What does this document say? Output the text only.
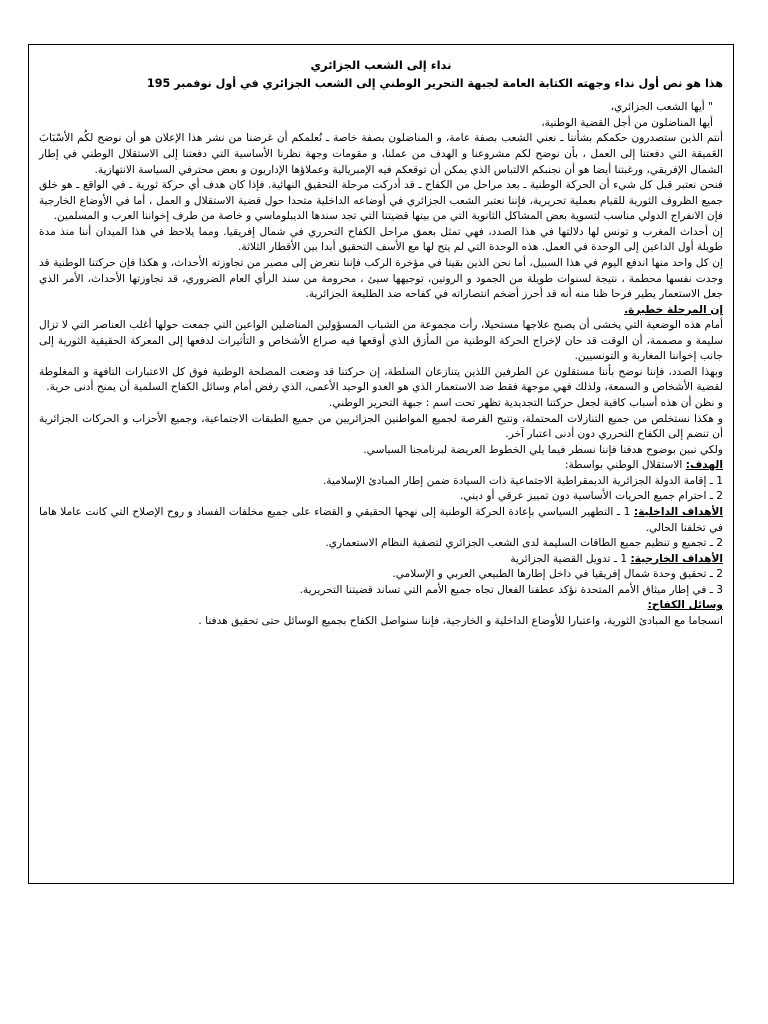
نداء إلى الشعب الجزائري

هذا هو نص أول نداء وجهته الكتابة العامة لجبهة التحرير الوطني إلى الشعب الجزائري في أول نوفمبر 195

" أيها الشعب الجزائري،

أيها المناضلون من أجل القضية الوطنية،

أنتم الذين ستصدرون حكمكم بشأننا ـ نعني الشعب بصفة عامة، و المناضلون بصفة خاصة ـ نُعلمكم أن غرضنا من نشر هذا الإعلان هو أن نوضح لكُم الأسْبَابَ العَميقة التي دفعتنا إلى العمل ، بأن نوضح لكم مشروعنا و الهدف من عملنا، و مقومات وجهة نظرنا الأساسية التي دفعتنا إلى الاستقلال الوطني في إطار الشمال الإفريقي، ورغبتنا أيضا هو أن نجنبكم الالتباس الذي يمكن أن توقعكم فيه الإمبريالية وعملاؤها الإداريون و بعض محترفي السياسة الانتهازية.

فنحن نعتبر قبل كل شيء أن الحركة الوطنية ـ بعد مراحل من الكفاح ـ قد أدركت مرحلة التحقيق النهائية. فإذا كان هدف أي حركة ثورية ـ في الواقع ـ هو خلق جميع الظروف الثورية للقيام بعملية تحريرية، فإننا نعتبر الشعب الجزائري في أوضاعه الداخلية متحدا حول قضية الاستقلال و العمل ، أما في الأوضاع الخارجية فإن الانفراج الدولي مناسب لتسوية بعض المشاكل الثانوية التي من بينها قضيتنا التي تجد سندها الديبلوماسي و خاصة من طرف إخواننا العرب و المسلمين.

إن أحداث المغرب و تونس لها دلالتها في هذا الصدد، فهي تمثل بعمق مراحل الكفاح التحرري في شمال إفريقيا. ومما يلاحظ في هذا الميدان أننا منذ مدة طويلة أول الداعين إلى الوحدة في العمل. هذه الوحدة التي لم يتح لها مع الأسف التحقيق أبدا بين الأقطار الثلاثة.

إن كل واحد منها اندفع اليوم في هذا السبيل، أما نحن الذين بقينا في مؤخرة الركب فإننا نتعرض إلى مصير من تجاوزته الأحداث، و هكذا فإن حركتنا الوطنية قد وجدت نفسها محطمة ، نتيجة لسنوات طويلة من الجمود و الروتين، توجيهها سيئ ، محرومة من سند الرأي العام الضروري، قد تجاوزتها الأحداث، الأمر الذي جعل الاستعمار يطير فرحا ظنا منه أنه قد أحرز أضخم انتصاراته في كفاحه ضد الطليعة الجزائرية.

إن المرحلة خطيرة.

أمام هذه الوضعية التي يخشى أن يصبح علاجها مستحيلا، رأت مجموعة من الشباب المسؤولين المناضلين الواعين التي جمعت حولها أغلب العناصر التي لا تزال سليمة و مصممة، أن الوقت قد حان لإخراج الحركة الوطنية من المأزق الذي أوقعها فيه صراع الأشخاص و التأثيرات لدفعها إلى المعركة الحقيقية الثورية إلى جانب إخواننا المغاربة و التونسيين.

وبهذا الصدد، فإننا نوضح بأننا مستقلون عن الطرفين اللذين يتنازعان السلطة، إن حركتنا قد وضعت المصلحة الوطنية فوق كل الاعتبارات التافهة و المغلوطة لقضية الأشخاص و السمعة، ولذلك فهي موجهة فقط ضد الاستعمار الذي هو العدو الوحيد الأعمى، الذي رفض أمام وسائل الكفاح السلمية أن يمنح أدنى حرية.

و نظن أن هذه أسباب كافية لجعل حركتنا التجديدية تظهر تحت اسم : جبهة التحرير الوطني.

و هكذا نستخلص من جميع التنازلات المحتملة، ونتيح الفرصة لجميع المواطنين الجزائريين من جميع الطبقات الاجتماعية، وجميع الأحزاب و الحركات الجزائرية أن تنضم إلى الكفاح التحرري دون أدنى اعتبار آخر.

ولكي نبين بوضوح هدفنا فإننا نسطر فيما يلي الخطوط العريضة لبرنامجنا السياسي.

الهدف: الاستقلال الوطني بواسطة:

1 ـ إقامة الدولة الجزائرية الديمقراطية الاجتماعية ذات السيادة ضمن إطار المبادئ الإسلامية.

2 ـ احترام جميع الحريات الأساسية دون تمييز عرقي أو ديني.

الأهداف الداخلية: 1 ـ التطهير السياسي بإعادة الحركة الوطنية إلى نهجها الحقيقي و القضاء على جميع مخلفات الفساد و روح الإصلاح التي كانت عاملا هاما في تخلفنا الحالي.

2 ـ تجميع و تنظيم جميع الطاقات السليمة لدى الشعب الجزائري لتصفية النظام الاستعماري.

الأهداف الخارجية: 1 ـ تدويل القضية الجزائرية

2 ـ تحقيق وحدة شمال إفريقيا في داخل إطارها الطبيعي العربي و الإسلامي.

3 ـ في إطار ميثاق الأمم المتحدة نؤكد عطفنا الفعال تجاه جميع الأمم التي تساند قضيتنا التحريرية.

وسائل الكفاح:

انسجاما مع المبادئ الثورية، واعتبارا للأوضاع الداخلية و الخارجية، فإننا سنواصل الكفاح بجميع الوسائل حتى تحقيق هدفنا .
